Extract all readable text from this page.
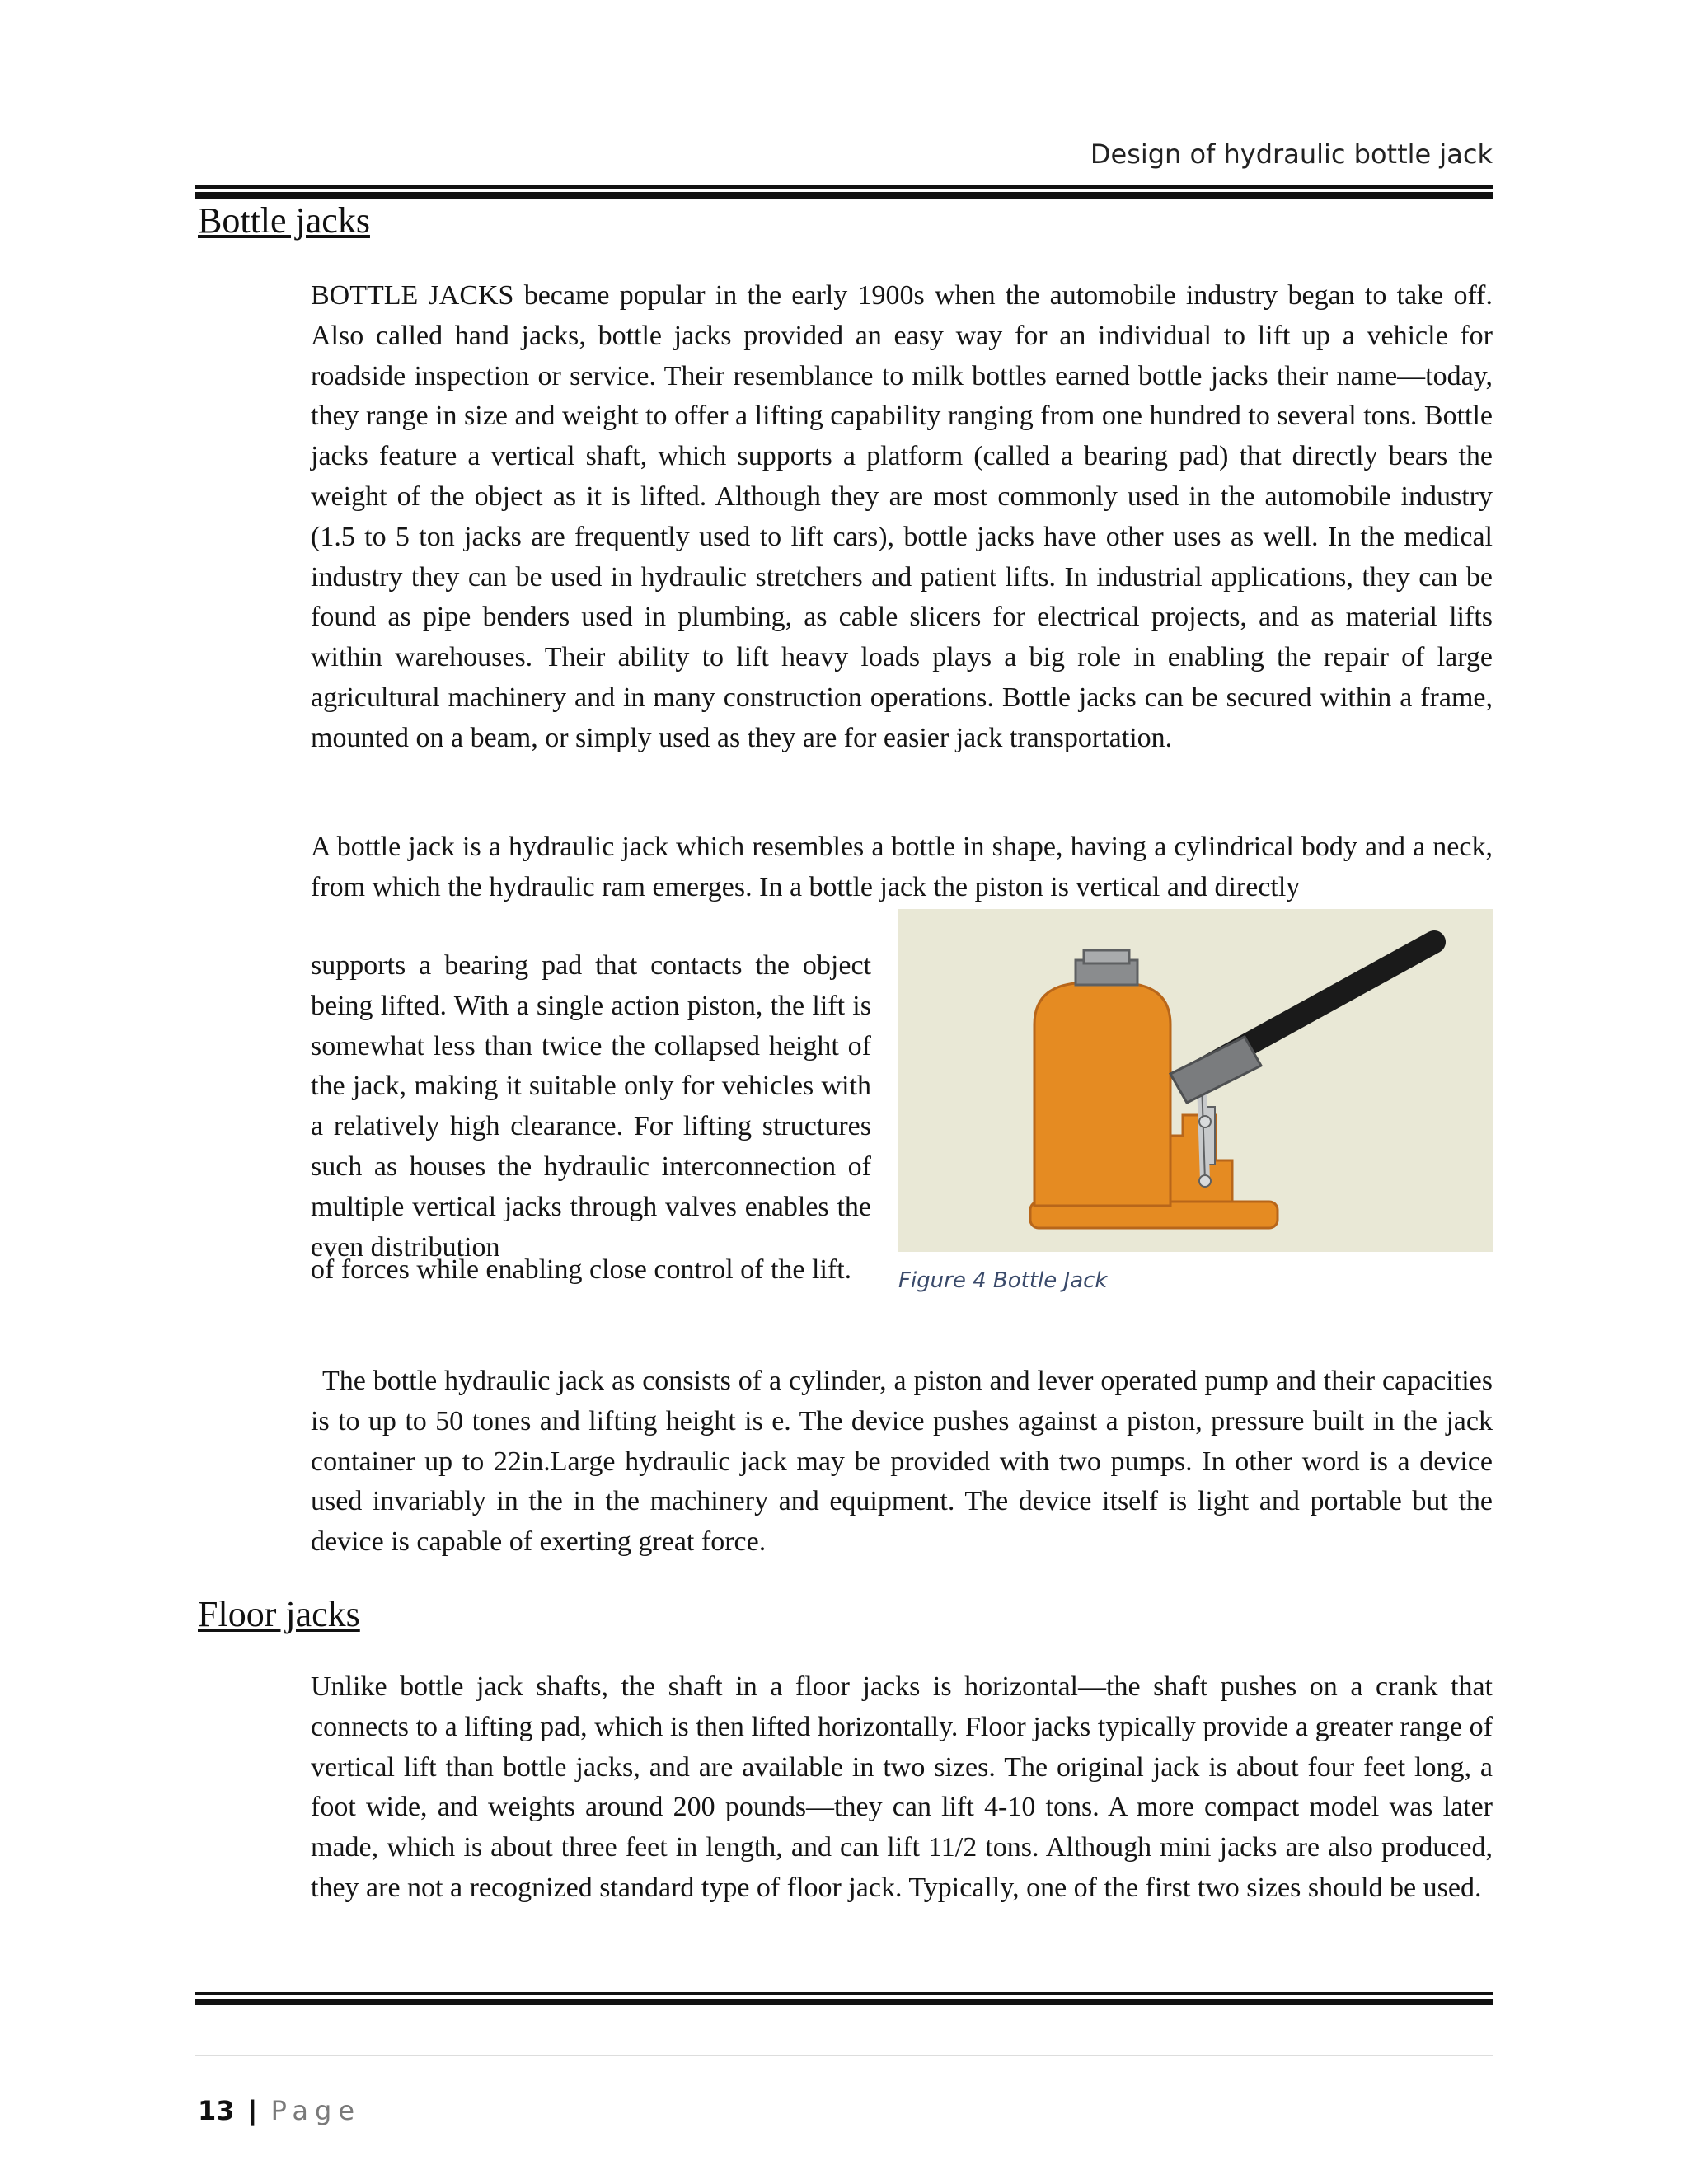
Design of hydraulic bottle jack
Bottle jacks

BOTTLE JACKS became popular in the early 1900s when the automobile industry began to take off. Also called hand jacks, bottle jacks provided an easy way for an individual to lift up a vehicle for roadside inspection or service. Their resemblance to milk bottles earned bottle jacks their name—today, they range in size and weight to offer a lifting capability ranging from one hundred to several tons. Bottle jacks feature a vertical shaft, which supports a platform (called a bearing pad) that directly bears the weight of the object as it is lifted. Although they are most commonly used in the automobile industry (1.5 to 5 ton jacks are frequently used to lift cars), bottle jacks have other uses as well. In the medical industry they can be used in hydraulic stretchers and patient lifts. In industrial applications, they can be found as pipe benders used in plumbing, as cable slicers for electrical projects, and as material lifts within warehouses. Their ability to lift heavy loads plays a big role in enabling the repair of large agricultural machinery and in many construction operations. Bottle jacks can be secured within a frame, mounted on a beam, or simply used as they are for easier jack transportation.

A bottle jack is a hydraulic jack which resembles a bottle in shape, having a cylindrical body and a neck, from which the hydraulic ram emerges. In a bottle jack the piston is vertical and directly

supports a bearing pad that contacts the object being lifted. With a single action piston, the lift is somewhat less than twice the collapsed height of the jack, making it suitable only for vehicles with a relatively high clearance. For lifting structures such as houses the hydraulic interconnection of multiple vertical jacks through valves enables the even distribution

of forces while enabling close control of the lift.	Figure 4 Bottle Jack

The bottle hydraulic jack as consists of a cylinder, a piston and lever operated pump and their capacities is to up to 50 tones and lifting height is e. The device pushes against a piston, pressure built in the jack container up to 22in.Large hydraulic jack may be provided with two pumps. In other word is a device used invariably in the in the machinery and equipment. The device itself is light and portable but the device is capable of exerting great force.

Floor jacks

Unlike bottle jack shafts, the shaft in a floor jacks is horizontal—the shaft pushes on a crank that connects to a lifting pad, which is then lifted horizontally. Floor jacks typically provide a greater range of vertical lift than bottle jacks, and are available in two sizes. The original jack is about four feet long, a foot wide, and weights around 200 pounds—they can lift 4-10 tons. A more compact model was later made, which is about three feet in length, and can lift 11/2 tons. Although mini jacks are also produced, they are not a recognized standard type of floor jack. Typically, one of the first two sizes should be used.

13 | Page
